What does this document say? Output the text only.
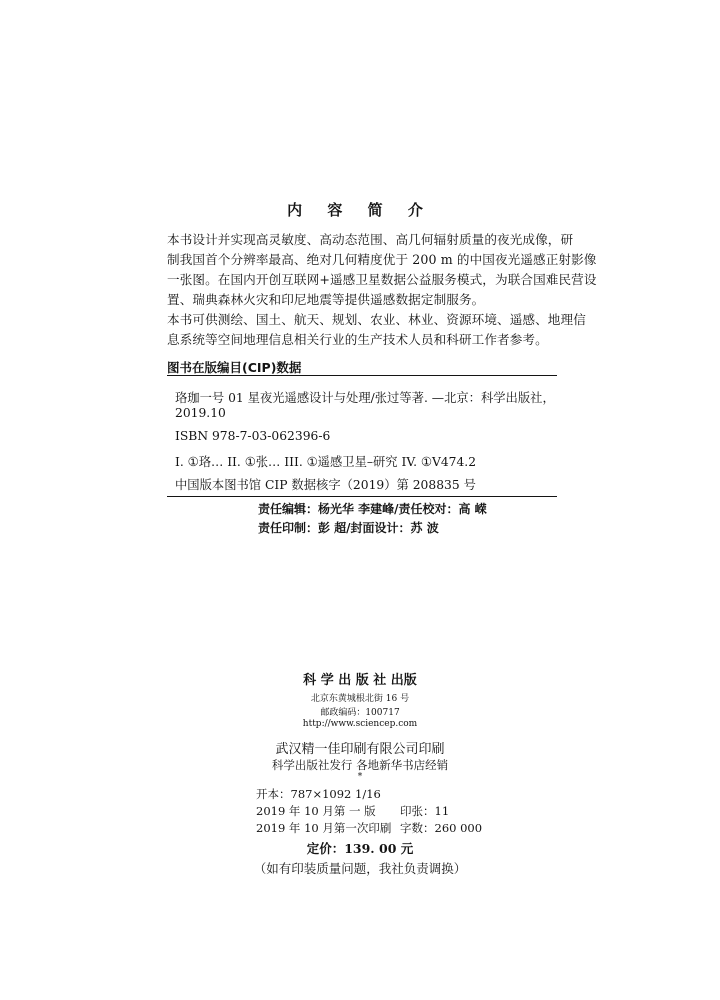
内 容 简 介
本书设计并实现高灵敏度、高动态范围、高几何辐射质量的夜光成像，研
制我国首个分辨率最高、绝对几何精度优于 200 m 的中国夜光遥感正射影像
一张图。在国内开创互联网+遥感卫星数据公益服务模式，为联合国难民营设
置、瑞典森林火灾和印尼地震等提供遥感数据定制服务。
本书可供测绘、国土、航天、规划、农业、林业、资源环境、遥感、地理信
息系统等空间地理信息相关行业的生产技术人员和科研工作者参考。
图书在版编目(CIP)数据
珞珈一号 01 星夜光遥感设计与处理/张过等著. —北京：科学出版社，
2019.10
ISBN 978-7-03-062396-6
I. ①珞… II. ①张… III. ①遥感卫星–研究 IV. ①V474.2
中国版本图书馆 CIP 数据核字（2019）第 208835 号
责任编辑：杨光华 李建峰/责任校对：高 嵘
责任印制：彭 超/封面设计：苏 波
科 学 出 版 社 出版
北京东黄城根北街 16 号
邮政编码：100717
http://www.sciencep.com
武汉精一佳印刷有限公司印刷
科学出版社发行 各地新华书店经销
*
开本：787×1092 1/16
2019 年 10 月第 一 版 印张：11
2019 年 10 月第一次印刷 字数：260 000
定价：139. 00 元
（如有印装质量问题，我社负责调换）
